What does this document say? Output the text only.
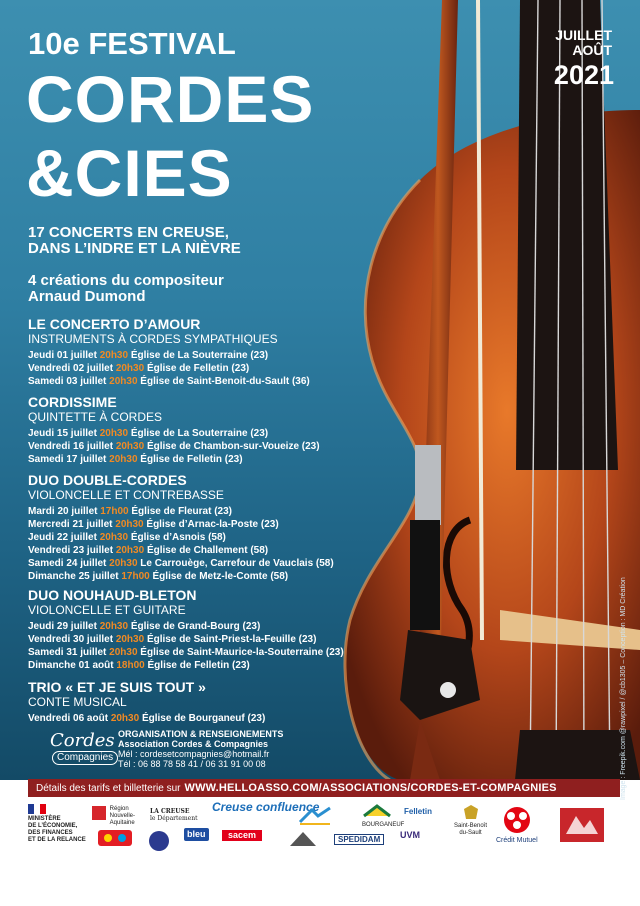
10e FESTIVAL
CORDES
&CIES
JUILLET
AOÛT
2021
17 CONCERTS EN CREUSE,
DANS L’INDRE ET LA NIÈVRE
4 créations du compositeur
Arnaud Dumond
LE CONCERTO D’AMOUR
INSTRUMENTS À CORDES SYMPATHIQUES
Jeudi 01 juillet 20h30 Église de La Souterraine (23)
Vendredi 02 juillet 20h30 Église de Felletin (23)
Samedi 03 juillet 20h30 Église de Saint-Benoit-du-Sault (36)
CORDISSIME
QUINTETTE À CORDES
Jeudi 15 juillet 20h30 Église de La Souterraine (23)
Vendredi 16 juillet 20h30 Église de Chambon-sur-Voueize (23)
Samedi 17 juillet 20h30 Église de Felletin (23)
DUO DOUBLE-CORDES
VIOLONCELLE ET CONTREBASSE
Mardi 20 juillet 17h00 Église de Fleurat (23)
Mercredi 21 juillet 20h30 Église d’Arnac-la-Poste (23)
Jeudi 22 juillet 20h30 Église d’Asnois (58)
Vendredi 23 juillet 20h30 Église de Challement (58)
Samedi 24 juillet 20h30 Le Carrouège, Carrefour de Vauclais (58)
Dimanche 25 juillet 17h00 Église de Metz-le-Comte (58)
DUO NOUHAUD-BLETON
VIOLONCELLE ET GUITARE
Jeudi 29 juillet 20h30 Église de Grand-Bourg (23)
Vendredi 30 juillet 20h30 Église de Saint-Priest-la-Feuille (23)
Samedi 31 juillet 20h30 Église de Saint-Maurice-la-Souterraine (23)
Dimanche 01 août 18h00 Église de Felletin (23)
TRIO « ET JE SUIS TOUT »
CONTE MUSICAL
Vendredi 06 août 20h30 Église de Bourganeuf (23)
Cordes
Compagnies
ORGANISATION & RENSEIGNEMENTS
Association Cordes & Compagnies
Mél : cordesetcompagnies@hotmail.fr
Tél : 06 88 78 58 41 / 06 31 91 00 08	Image : Freepik.com @rawpixel / @cb1305 – Conception : MD Création
Détails des tarifs et billetterie sur WWW.HELLOASSO.COM/ASSOCIATIONS/CORDES-ET-COMPAGNIES
MINISTÈRE
DE L’ÉCONOMIE,
DES FINANCES
ET DE LA RELANCE

Région
Nouvelle-
Aquitaine
LA CREUSE
le Département
bleu
Creuse confluence
sacem	SPEDIDAM
BOURGANEUF
Felletin
UVM
Saint-Benoît
du-Sault
Crédit Mutuel
